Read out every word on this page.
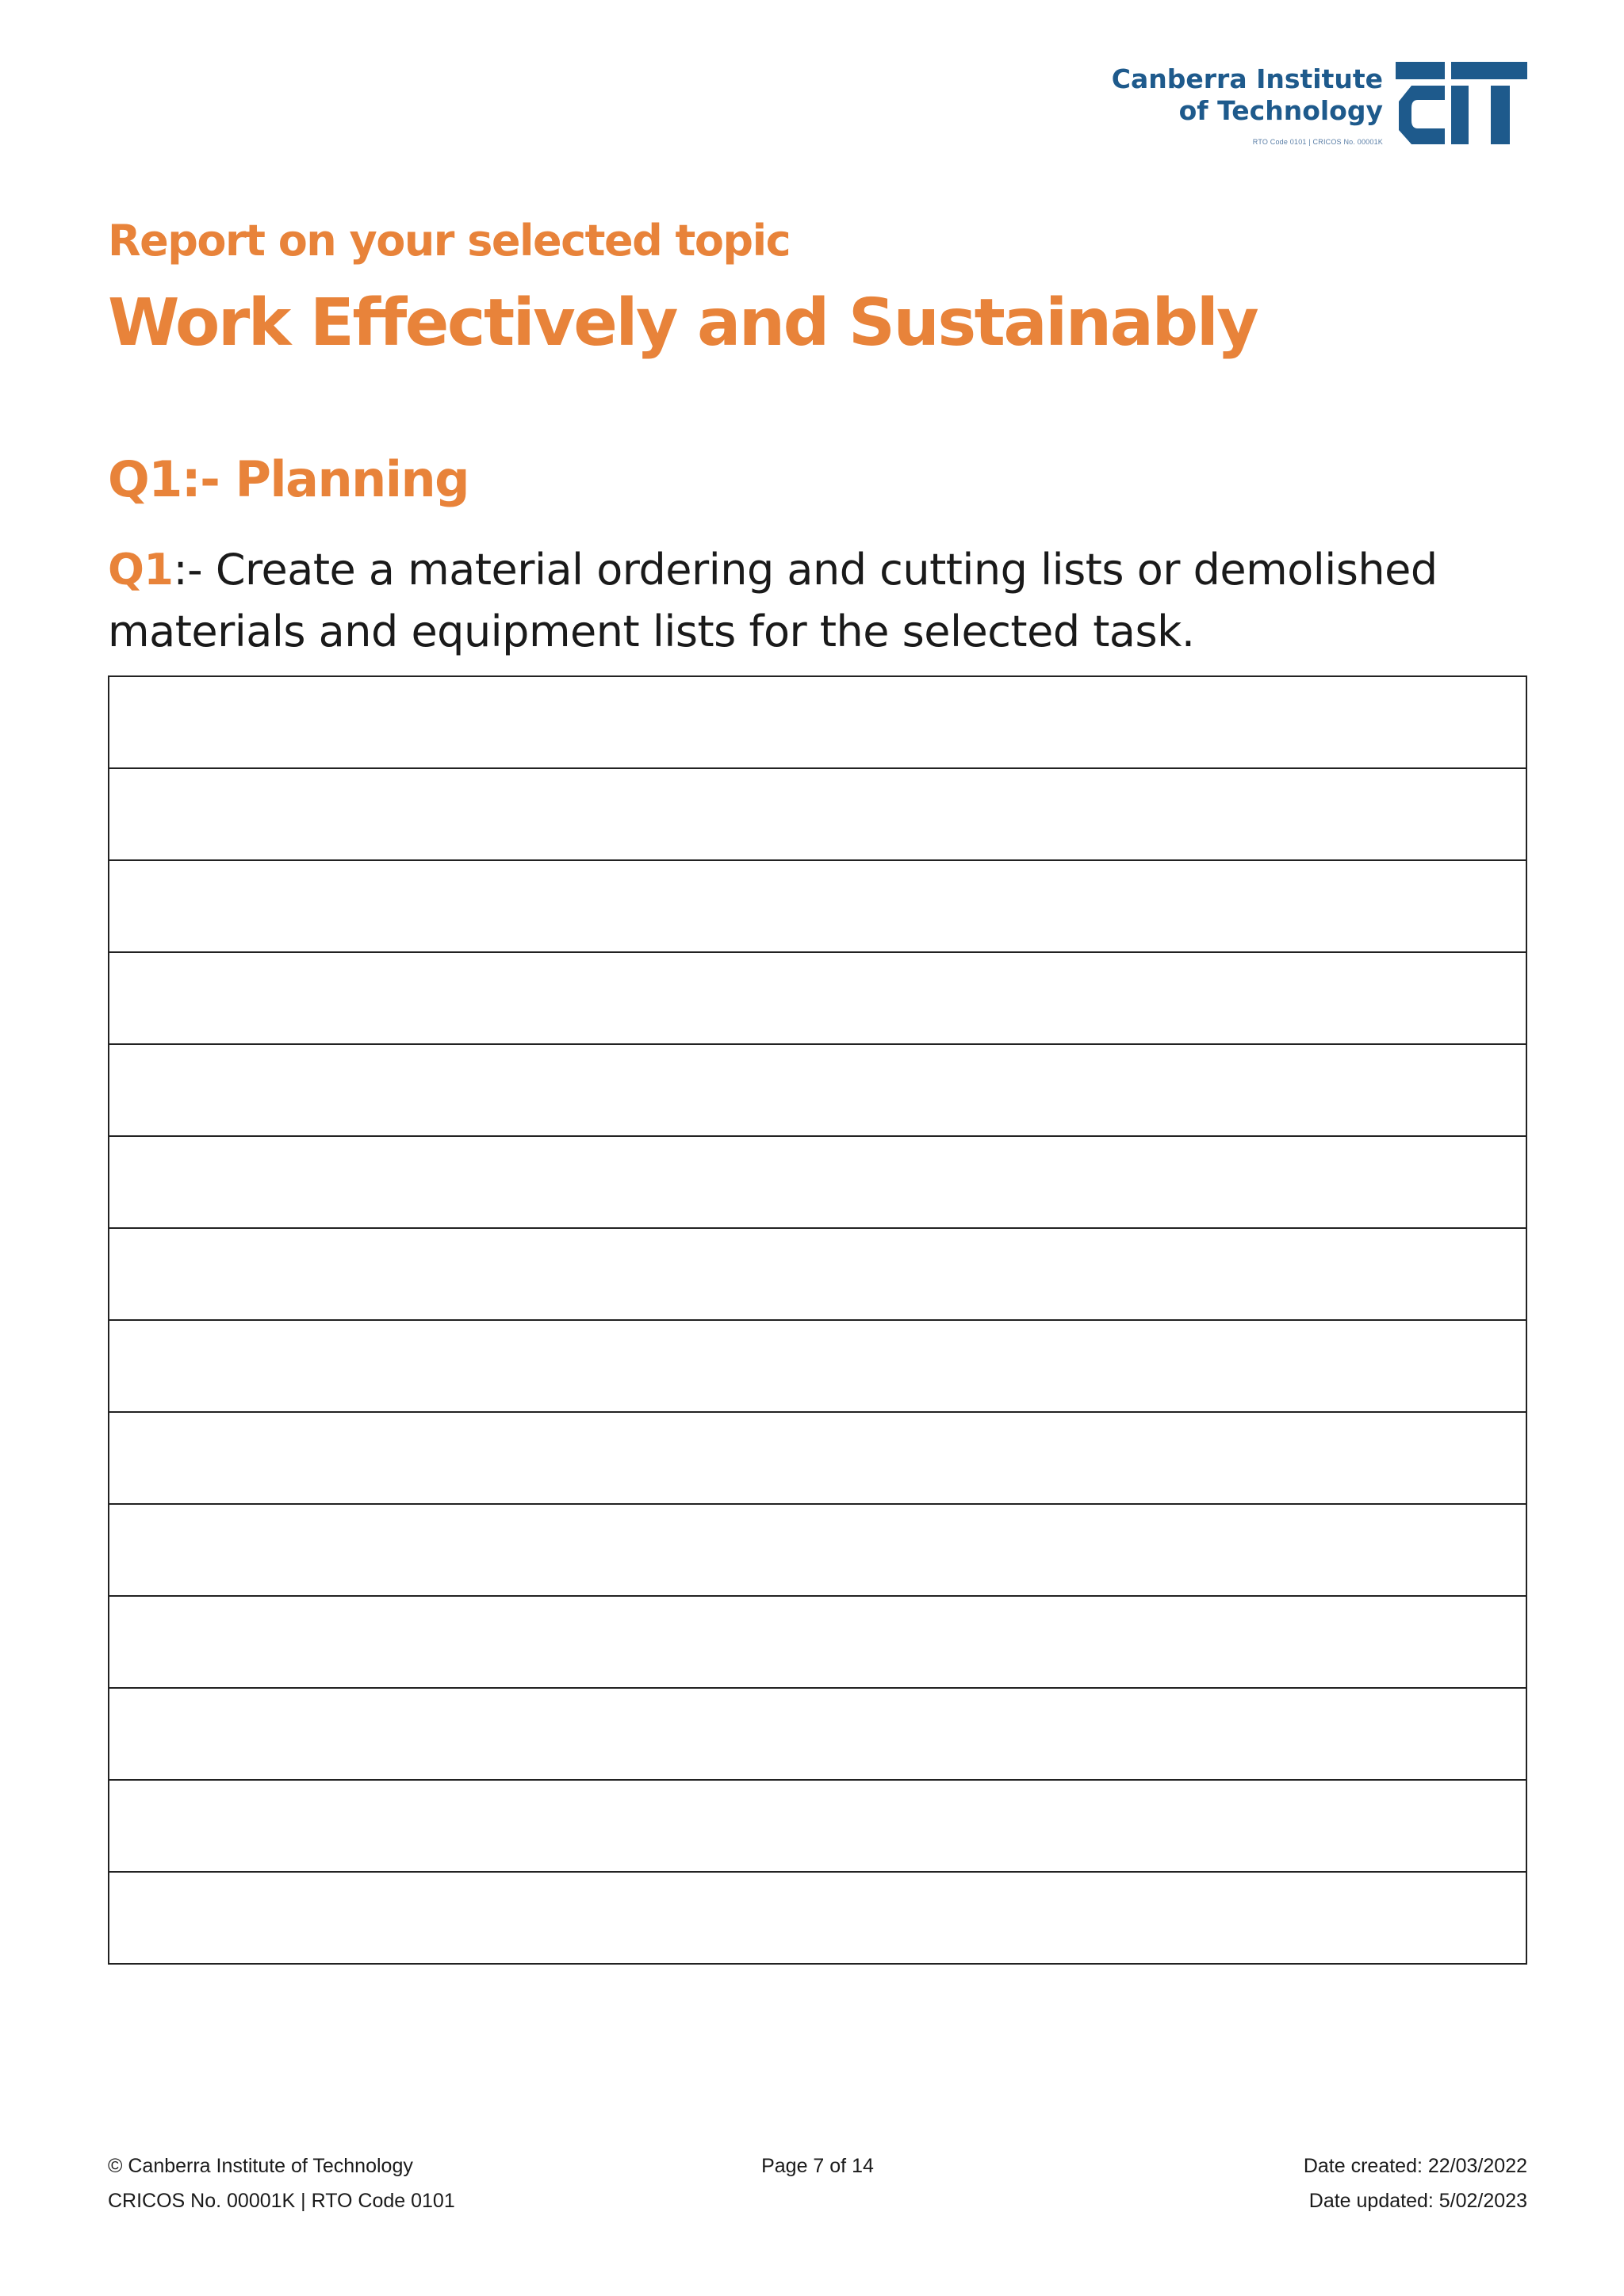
Canberra Institute
of Technology
RTO Code 0101 | CRICOS No. 00001K
Report on your selected topic
Work Effectively and Sustainably
Q1:- Planning

Q1:- Create a material ordering and cutting lists or demolished materials and equipment lists for the selected task.

© Canberra Institute of Technology	Page 7 of 14	Date created: 22/03/2022
CRICOS No. 00001K | RTO Code 0101	Date updated: 5/02/2023
